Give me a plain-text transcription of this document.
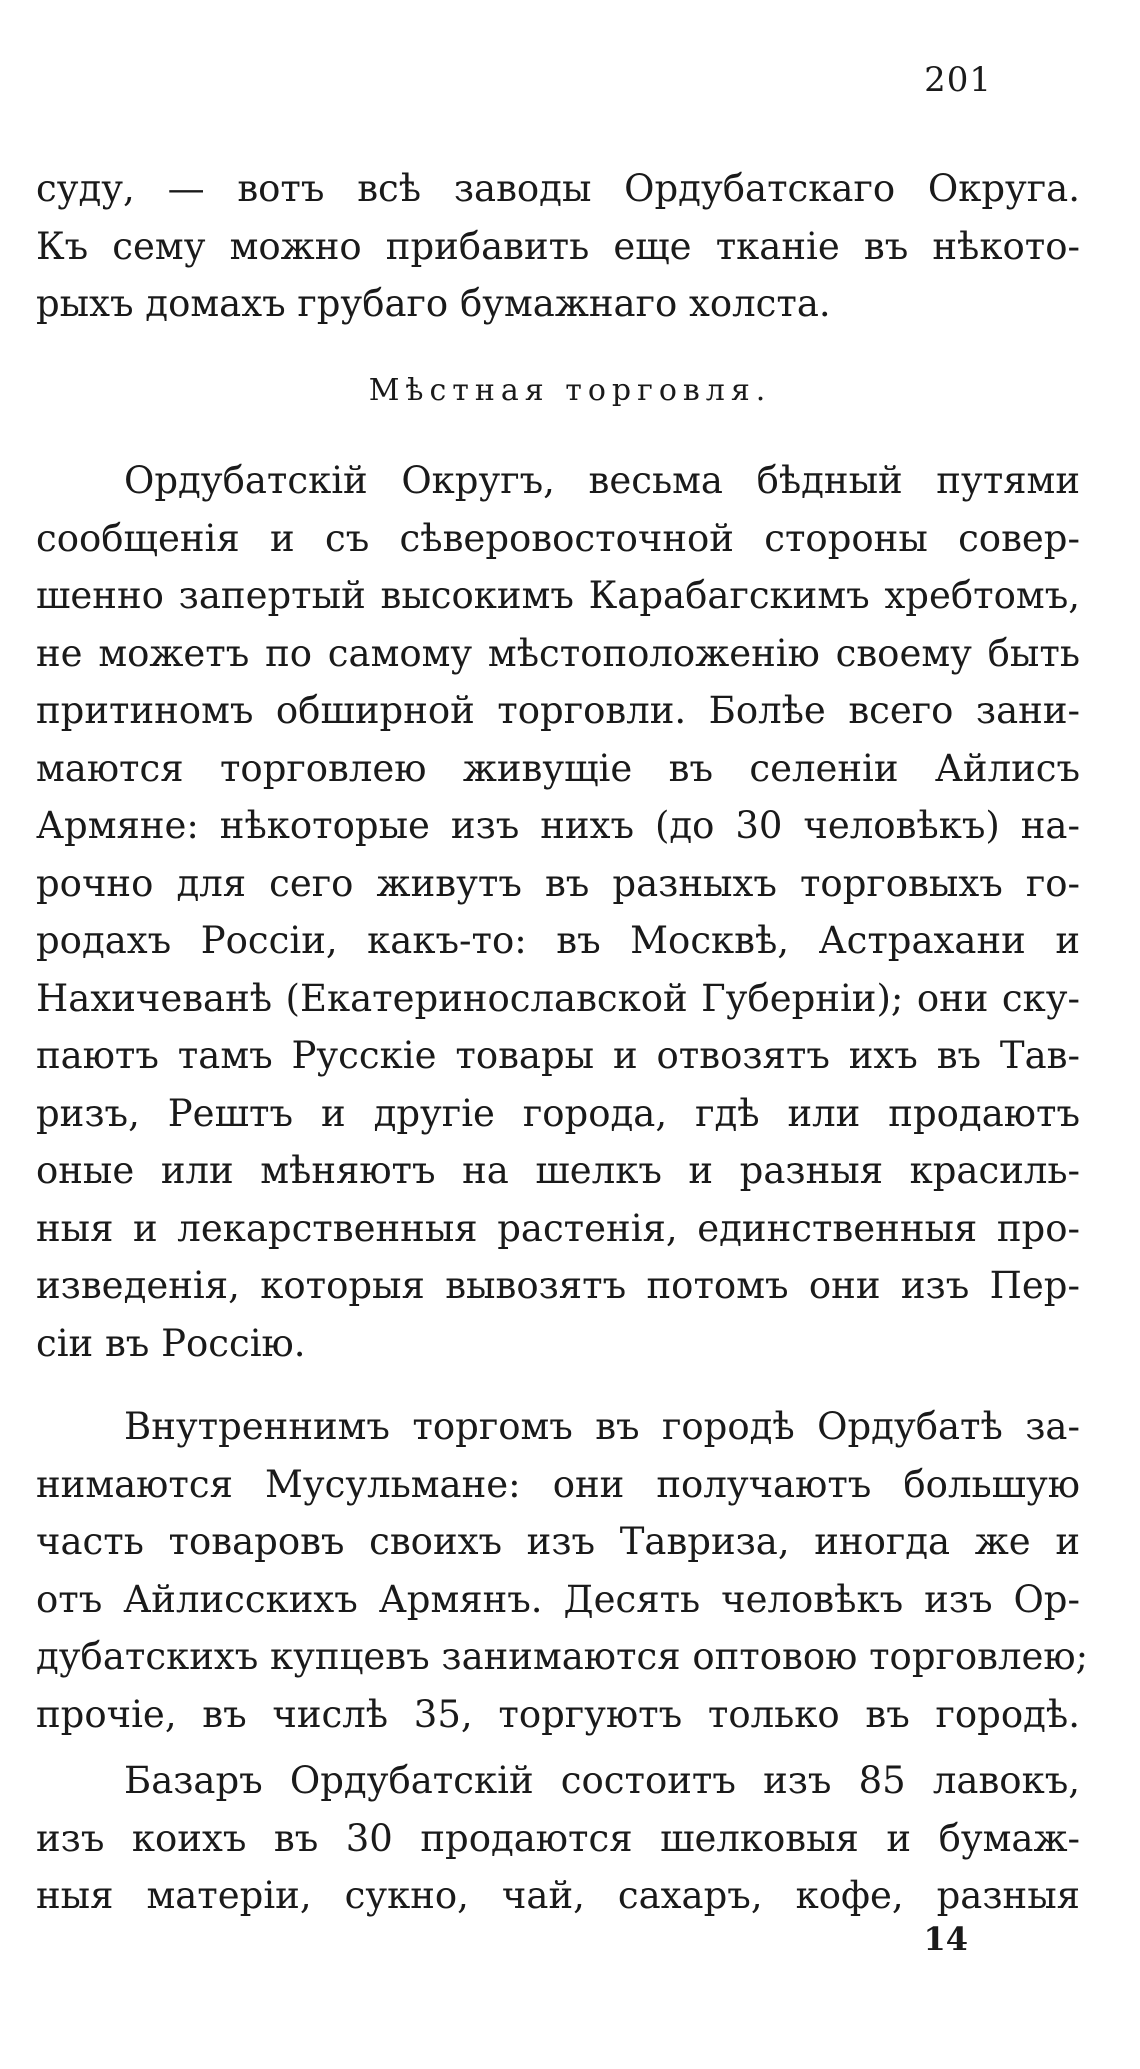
201
суду, — вотъ всѣ заводы Ордубатскаго Округа.
Къ сему можно прибавить еще тканіе въ нѣкото-
рыхъ домахъ грубаго бумажнаго холста.
Мѣстная торговля.
Ордубатскій Округъ, весьма бѣдный путями
сообщенія и съ сѣверовосточной стороны совер-
шенно запертый высокимъ Карабагскимъ хребтомъ,
не можетъ по самому мѣстоположенію своему быть
притиномъ обширной торговли. Болѣе всего зани-
маются торговлею живущіе въ селеніи Айлисъ
Армяне: нѣкоторые изъ нихъ (до 30 человѣкъ) на-
рочно для сего живутъ въ разныхъ торговыхъ го-
родахъ Россіи, какъ-то: въ Москвѣ, Астрахани и
Нахичеванѣ (Екатеринославской Губерніи); они ску-
паютъ тамъ Русскіе товары и отвозятъ ихъ въ Тав-
ризъ, Рештъ и другіе города, гдѣ или продаютъ
оные или мѣняютъ на шелкъ и разныя красиль-
ныя и лекарственныя растенія, единственныя про-
изведенія, которыя вывозятъ потомъ они изъ Пер-
сіи въ Россію.
Внутреннимъ торгомъ въ городѣ Ордубатѣ за-
нимаются Мусульмане: они получаютъ большую
часть товаровъ своихъ изъ Тавриза, иногда же и
отъ Айлисскихъ Армянъ. Десять человѣкъ изъ Ор-
дубатскихъ купцевъ занимаются оптовою торговлею;
прочіе, въ числѣ 35, торгуютъ только въ городѣ.
Базаръ Ордубатскій состоитъ изъ 85 лавокъ,
изъ коихъ въ 30 продаются шелковыя и бумаж-
ныя матеріи, сукно, чай, сахаръ, кофе, разныя
14
